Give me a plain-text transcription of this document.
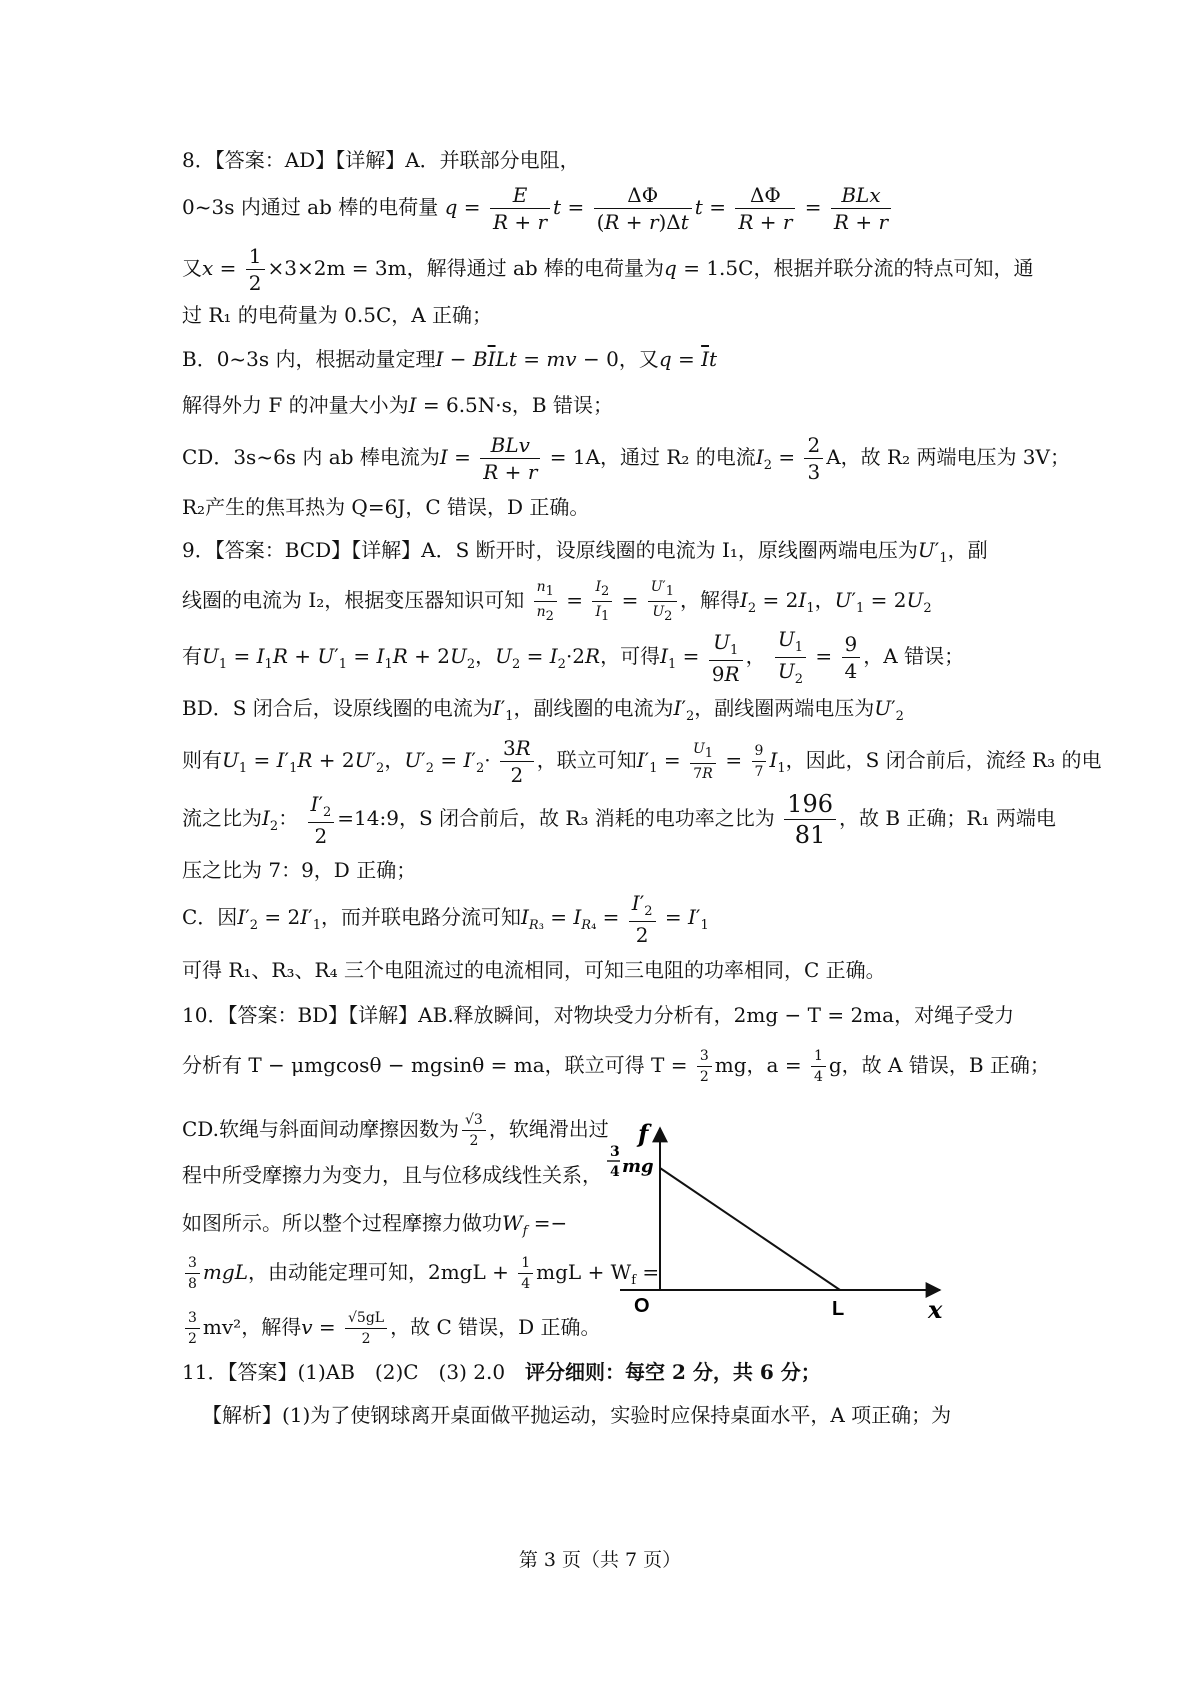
8．【答案：AD】【详解】A．并联部分电阻，
0~3s 内通过 ab 棒的电荷量 $q = \frac{E}{R + r}$ $t = \frac{\Delta\Phi}{(R + r)\Delta t}$ $t = \frac{\Delta\Phi}{R + r} = \frac{\text{BLx}}{R + r}$
又$x = \frac{1}{2} \times 3\times 2m = 3m$，解得通过 ab 棒的电荷量为q = 1.5C，根据并联分流的特点可知，通
过 R₁ 的电荷量为 0.5C，A 正确；
B．0~3s 内，根据动量定理$I - B\overline{I}Lt$ = mv − 0，又$q = \overline{I}t$
解得外力 F 的冲量大小为I = 6.5N·s，B 错误；
CD．3s~6s 内 ab 棒电流为$I = \frac{\text{BLv}}{R + r} = 1A$，通过 R₂ 的电流$I_2 = \frac{2}{3}$ A，故 R₂ 两端电压为 3V；
R₂产生的焦耳热为 Q=6J，C 错误，D 正确。
9．【答案：BCD】【详解】A．S 断开时，设原线圈的电流为 I₁，原线圈两端电压为$U'_1$，副
线圈的电流为 I₂，根据变压器知识可知 $\frac{n_1}{n_2} = \frac{I_2}{I_1} = \frac{U'_1}{U_2}$ ，解得$I_2 = 2I_1$，$U'_1 = 2U_2$
有$U_1 = I_1R + U'_1 = I_1R + 2U_2$，$U_2 = I_2\cdot 2R$，可得$I_1 = \frac{U_1}{9R}$ ， $\frac{U_1}{U_2} = \frac{9}{4}$ ，A 错误；
BD．S 闭合后，设原线圈的电流为$I'_1$，副线圈的电流为$I'_2$，副线圈两端电压为$U'_2$
则有$U_1 = I'_1R + 2U'_2$，$U'_2 = I'_2\cdot \frac{3R}{2}$ ，联立可知$I'_1 = \frac{U_1}{7R} = \frac{9}{7} I_1$，因此，S 闭合前后，流经 R₃ 的电
流之比为$I_2$： $\frac{I'_2}{2}$ =14:9，S 闭合前后，故 R₃ 消耗的电功率之比为 $\frac{196}{81}$ ，故 B 正确；R₁ 两端电
压之比为 7：9，D 正确；
C．因$I'_2 = 2I'_1$，而并联电路分流可知$I_{R_3} = I_{R_4} = \frac{I'_2}{2} = I'_1$
可得 R₁、R₃、R₄ 三个电阻流过的电流相同，可知三电阻的功率相同，C 正确。
10．【答案：BD】【详解】AB.释放瞬间，对物块受力分析有，2mg − T = 2ma，对绳子受力
分析有 T − μmgcosθ − mgsinθ = ma，联立可得 $T = \frac{3}{2}$ mg，$a = \frac{1}{4}$ g，故 A 错误，B 正确；
CD.软绳与斜面间动摩擦因数为 $\frac{√3}{2}$ ，软绳滑出过
程中所受摩擦力为变力，且与位移成线性关系，
如图所示。所以整个过程摩擦力做功$W_f$ =−
$\frac{3}{8}$ mgL，由动能定理可知，$2mgL + \frac{1}{4}$ mgL + $W_f$ =
$\frac{3}{2} mv^2$，解得$v = \frac{√5gL}{2}$ ，故 C 错误，D 正确。
f
x
O	L
3
4 mg
11．【答案】(1)AB　(2)C　(3) 2.0　评分细则：每空 2 分，共 6 分；
【解析】(1)为了使钢球离开桌面做平抛运动，实验时应保持桌面水平，A 项正确；为
第 3 页（共 7 页）
